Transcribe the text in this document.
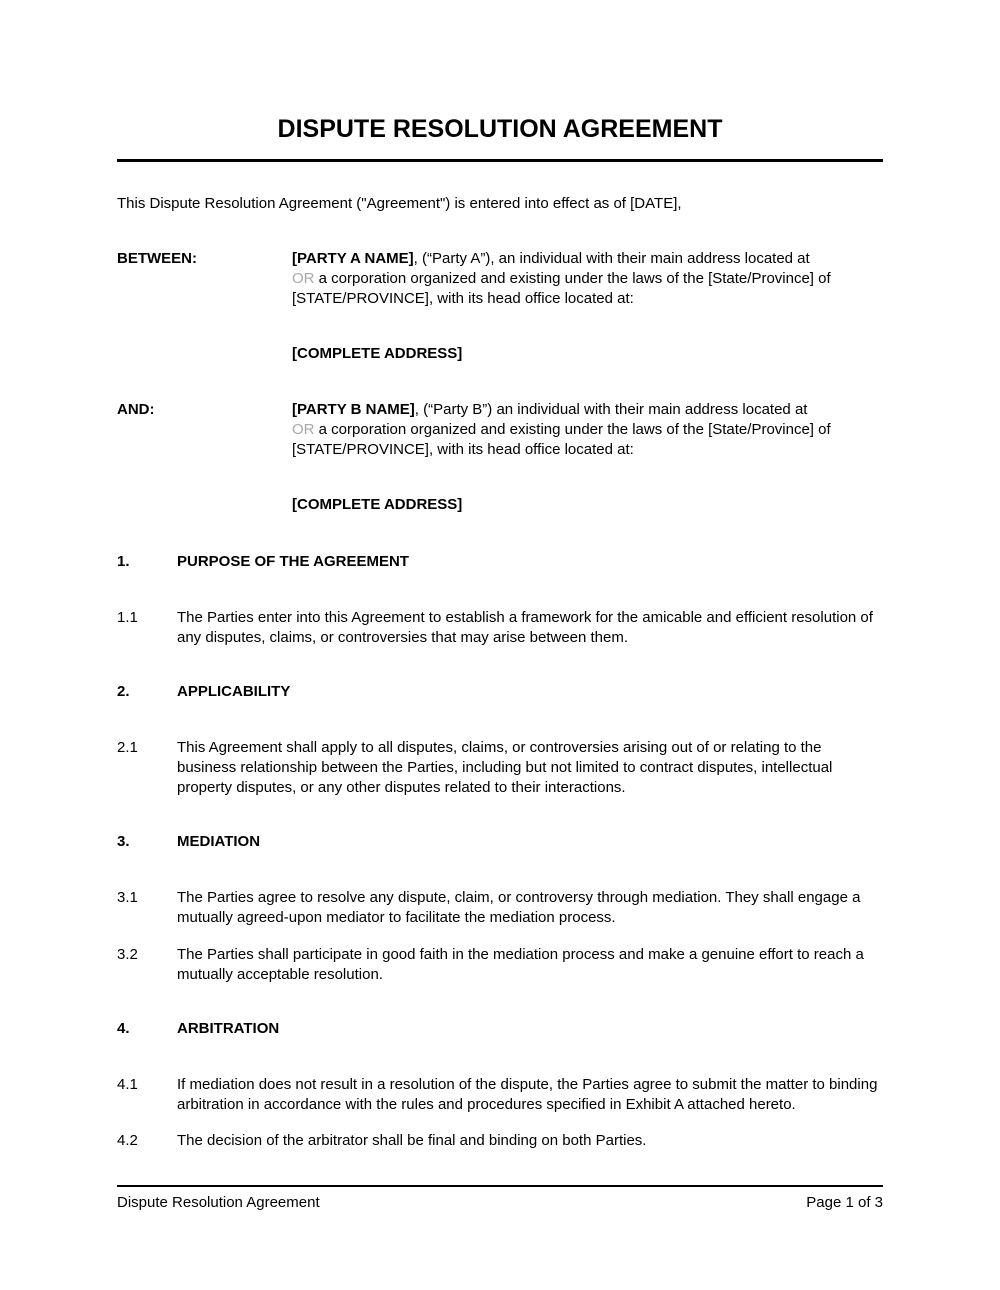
DISPUTE RESOLUTION AGREEMENT

This Dispute Resolution Agreement ("Agreement") is entered into effect as of [DATE],

BETWEEN:	[PARTY A NAME], (“Party A”), an individual with their main address located at
OR a corporation organized and existing under the laws of the [State/Province] of
[STATE/PROVINCE], with its head office located at:
[COMPLETE ADDRESS]
AND:	[PARTY B NAME], (“Party B”) an individual with their main address located at
OR a corporation organized and existing under the laws of the [State/Province] of
[STATE/PROVINCE], with its head office located at:
[COMPLETE ADDRESS]
1.	PURPOSE OF THE AGREEMENT
1.1	The Parties enter into this Agreement to establish a framework for the amicable and efficient resolution of any disputes, claims, or controversies that may arise between them.
2.	APPLICABILITY
2.1	This Agreement shall apply to all disputes, claims, or controversies arising out of or relating to the business relationship between the Parties, including but not limited to contract disputes, intellectual property disputes, or any other disputes related to their interactions.
3.	MEDIATION
3.1	The Parties agree to resolve any dispute, claim, or controversy through mediation. They shall engage a mutually agreed-upon mediator to facilitate the mediation process.
3.2	The Parties shall participate in good faith in the mediation process and make a genuine effort to reach a mutually acceptable resolution.
4.	ARBITRATION
4.1	If mediation does not result in a resolution of the dispute, the Parties agree to submit the matter to binding arbitration in accordance with the rules and procedures specified in Exhibit A attached hereto.
4.2	The decision of the arbitrator shall be final and binding on both Parties.
Dispute Resolution Agreement	Page 1 of 3
